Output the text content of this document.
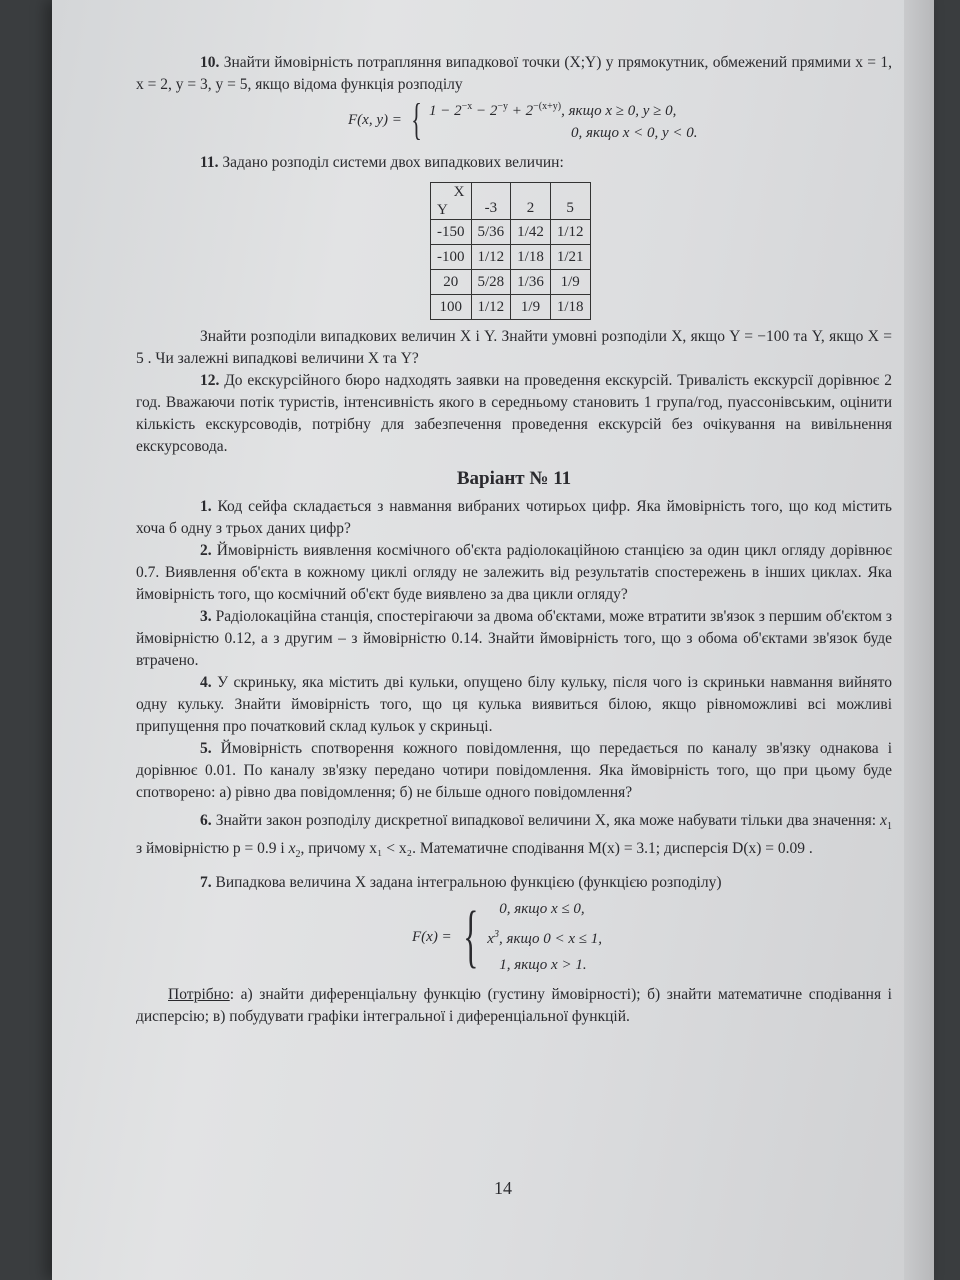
10. Знайти ймовірність потрапляння випадкової точки (X;Y) у прямокутник, обмежений прямими x = 1, x = 2, y = 3, y = 5, якщо відома функція розподілу

F(x, y) = { $1 - 2^{-x} - 2^{-y} + 2^{-(x+y)}$, якщо x ≥ 0, y ≥ 0,
0, якщо x < 0, y < 0.

11. Задано розподіл системи двох випадкових величин:

X
Y	-3	2	5
-150	5/36	1/42	1/12
-100	1/12	1/18	1/21
20	5/28	1/36	1/9
100	1/12	1/9	1/18

Знайти розподіли випадкових величин X і Y. Знайти умовні розподіли X, якщо Y = −100 та Y, якщо X = 5 . Чи залежні випадкові величини X та Y?

12. До екскурсійного бюро надходять заявки на проведення екскурсій. Тривалість екскурсії дорівнює 2 год. Вважаючи потік туристів, інтенсивність якого в середньому становить 1 група/год, пуассонівським, оцінити кількість екскурсоводів, потрібну для забезпечення проведення екскурсій без очікування на вивільнення екскурсовода.

Варіант № 11

1. Код сейфа складається з навмання вибраних чотирьох цифр. Яка ймовірність того, що код містить хоча б одну з трьох даних цифр?

2. Ймовірність виявлення космічного об'єкта радіолокаційною станцією за один цикл огляду дорівнює 0.7. Виявлення об'єкта в кожному циклі огляду не залежить від результатів спостережень в інших циклах. Яка ймовірність того, що космічний об'єкт буде виявлено за два цикли огляду?

3. Радіолокаційна станція, спостерігаючи за двома об'єктами, може втратити зв'язок з першим об'єктом з ймовірністю 0.12, а з другим – з ймовірністю 0.14. Знайти ймовірність того, що з обома об'єктами зв'язок буде втрачено.

4. У скриньку, яка містить дві кульки, опущено білу кульку, після чого із скриньки навмання вийнято одну кульку. Знайти ймовірність того, що ця кулька виявиться білою, якщо рівноможливі всі можливі припущення про початковий склад кульок у скриньці.

5. Ймовірність спотворення кожного повідомлення, що передається по каналу зв'язку однакова і дорівнює 0.01. По каналу зв'язку передано чотири повідомлення. Яка ймовірність того, що при цьому буде спотворено: а) рівно два повідомлення; б) не більше одного повідомлення?

6. Знайти закон розподілу дискретної випадкової величини X, яка може набувати тільки два значення: $x_1$ з ймовірністю p = 0.9 і $x_2$, причому x₁ < x₂. Математичне сподівання M(x) = 3.1; дисперсія D(x) = 0.09 .

7. Випадкова величина X задана інтегральною функцією (функцією розподілу)

F(x) = { 0, якщо x ≤ 0,
$x^3$, якщо 0 < x ≤ 1,
1, якщо x > 1.

Потрібно: а) знайти диференціальну функцію (густину ймовірності); б) знайти математичне сподівання і дисперсію; в) побудувати графіки інтегральної і диференціальної функцій.

14
